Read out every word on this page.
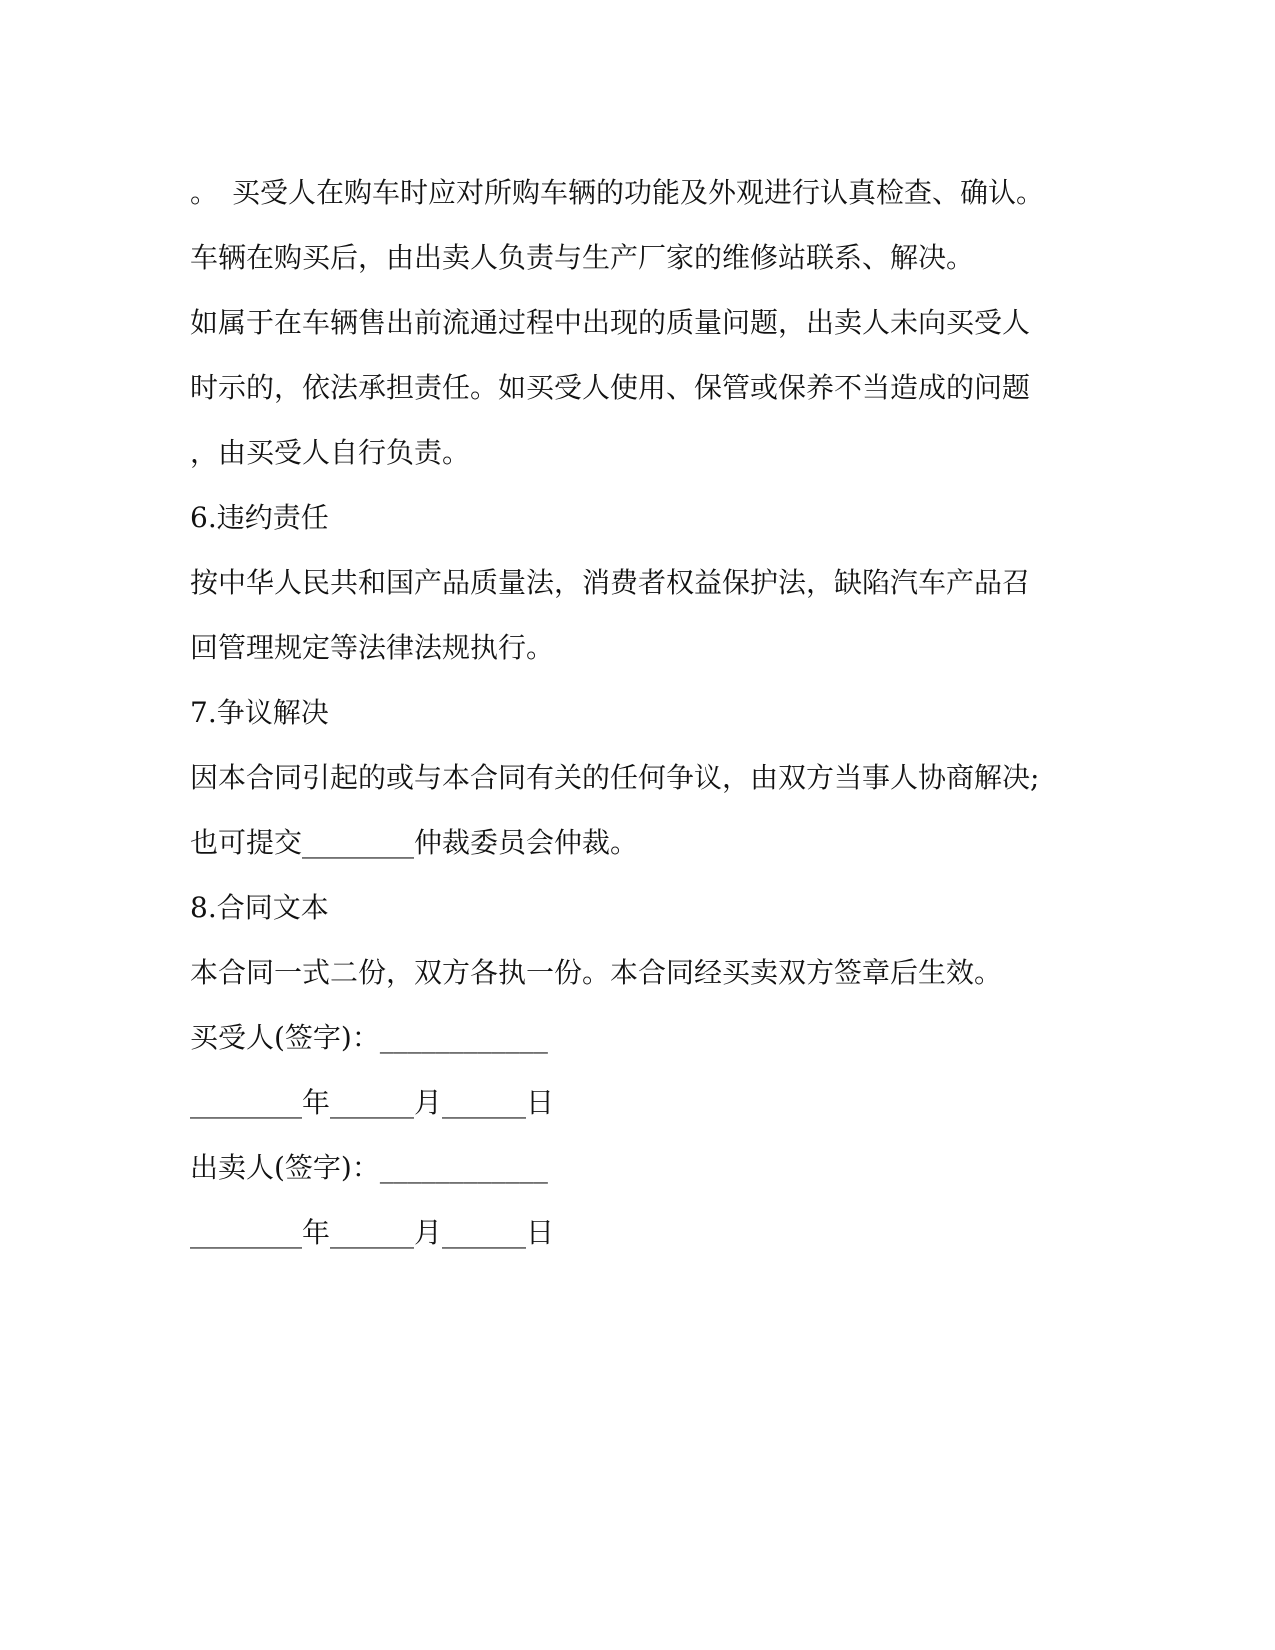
。　买受人在购车时应对所购车辆的功能及外观进行认真检查、确认。
车辆在购买后，由出卖人负责与生产厂家的维修站联系、解决。
如属于在车辆售出前流通过程中出现的质量问题，出卖人未向买受人
时示的，依法承担责任。如买受人使用、保管或保养不当造成的问题
，由买受人自行负责。
6.违约责任
按中华人民共和国产品质量法，消费者权益保护法，缺陷汽车产品召
回管理规定等法律法规执行。
7.争议解决
因本合同引起的或与本合同有关的任何争议，由双方当事人协商解决;
也可提交________仲裁委员会仲裁。
8.合同文本
本合同一式二份，双方各执一份。本合同经买卖双方签章后生效。
买受人(签字)：____________
________年______月______日
出卖人(签字)：____________
________年______月______日
